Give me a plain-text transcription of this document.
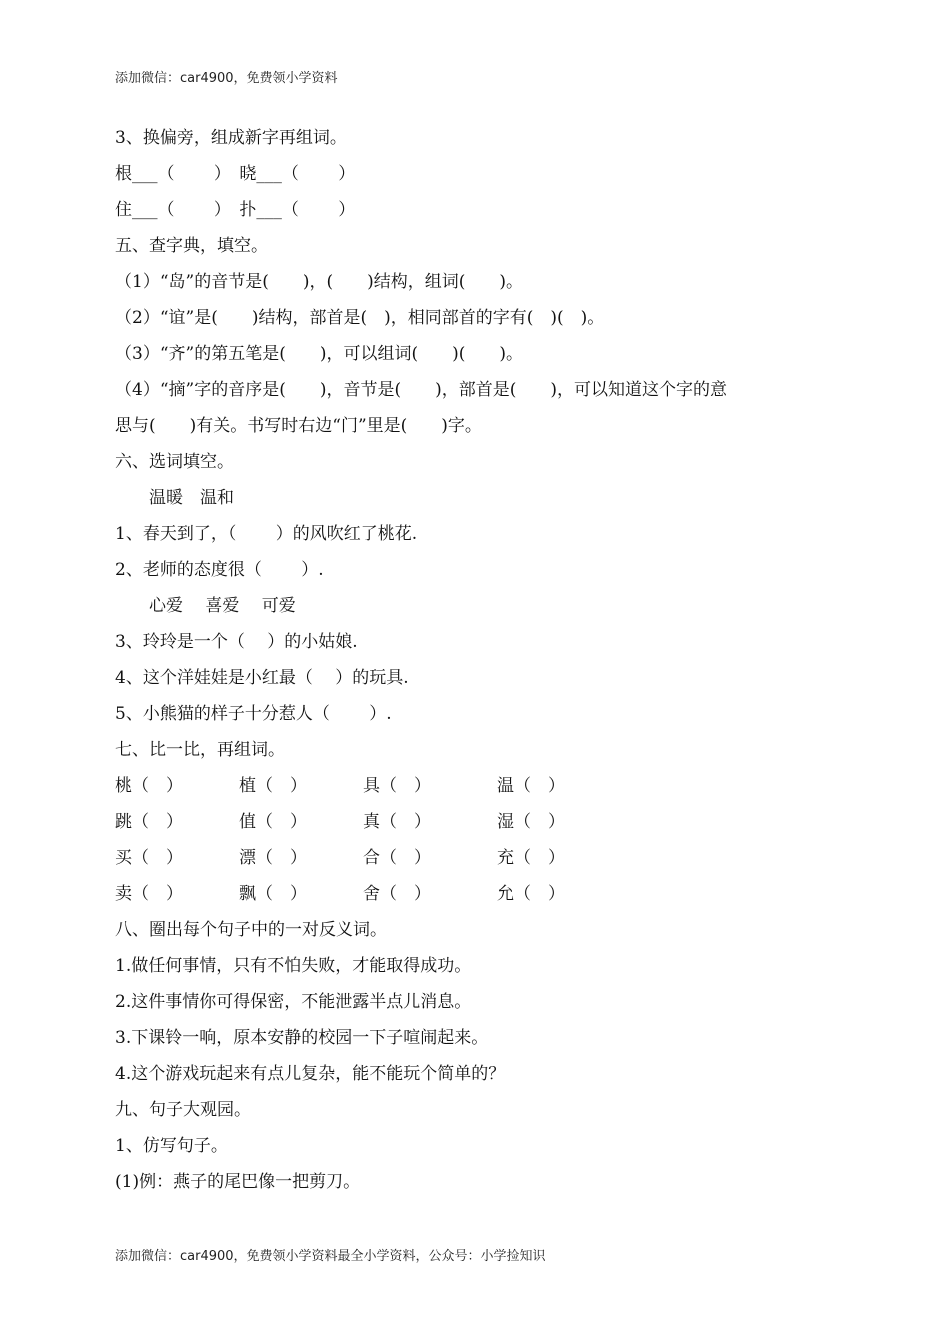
添加微信：car4900，免费领小学资料
3、换偏旁，组成新字再组词。
根___（　　 ）　晓___（　　 ）
住___（　　 ）　扑___（　　 ）
五、查字典，填空。
（1）“岛”的音节是(　　)，(　　)结构，组词(　　)。
（2）“谊”是(　　)结构，部首是(　)，相同部首的字有(　)(　)。
（3）“齐”的第五笔是(　　)，可以组词(　　)(　　)。
（4）“摘”字的音序是(　　)，音节是(　　)，部首是(　　)，可以知道这个字的意
思与(　　)有关。书写时右边“门”里是(　　)字。
六、选词填空。
　　温暖　温和
1、春天到了，（　　 ）的风吹红了桃花.
2、老师的态度很（　　 ）.
　　心爱　 喜爱 　可爱
3、玲玲是一个（　 ）的小姑娘.
4、这个洋娃娃是小红最（　 ）的玩具.
5、小熊猫的样子十分惹人（　　 ）.
七、比一比，再组词。
桃（　）	植（　）	具（　）	温（　）
跳（　）	值（　）	真（　）	湿（　）
买（　）	漂（　）	合（　）	充（　）
卖（　）	飘（　）	舍（　）	允（　）
八、圈出每个句子中的一对反义词。
1.做任何事情，只有不怕失败，才能取得成功。
2.这件事情你可得保密，不能泄露半点儿消息。
3.下课铃一响，原本安静的校园一下子喧闹起来。
4.这个游戏玩起来有点儿复杂，能不能玩个简单的？
九、句子大观园。
1、仿写句子。
(1)例：燕子的尾巴像一把剪刀。
添加微信：car4900，免费领小学资料最全小学资料，公众号：小学捡知识
